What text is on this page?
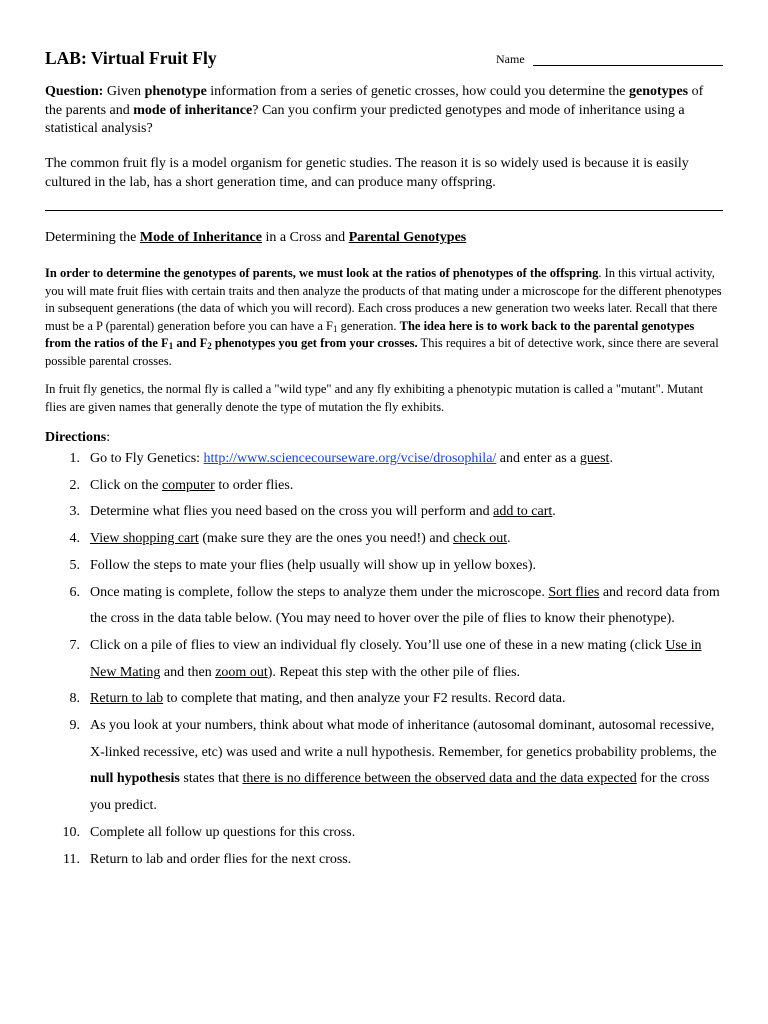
LAB: Virtual Fruit Fly	Name
Question: Given phenotype information from a series of genetic crosses, how could you determine the genotypes of the parents and mode of inheritance? Can you confirm your predicted genotypes and mode of inheritance using a statistical analysis?
The common fruit fly is a model organism for genetic studies. The reason it is so widely used is because it is easily cultured in the lab, has a short generation time, and can produce many offspring.
Determining the Mode of Inheritance in a Cross and Parental Genotypes
In order to determine the genotypes of parents, we must look at the ratios of phenotypes of the offspring. In this virtual activity, you will mate fruit flies with certain traits and then analyze the products of that mating under a microscope for the different phenotypes in subsequent generations (the data of which you will record). Each cross produces a new generation two weeks later. Recall that there must be a P (parental) generation before you can have a $F_1$ generation. The idea here is to work back to the parental genotypes from the ratios of the $F_1$ and $F_2$ phenotypes you get from your crosses. This requires a bit of detective work, since there are several possible parental crosses.
In fruit fly genetics, the normal fly is called a "wild type" and any fly exhibiting a phenotypic mutation is called a "mutant". Mutant flies are given names that generally denote the type of mutation the fly exhibits.
Directions:
1. Go to Fly Genetics: http://www.sciencecourseware.org/vcise/drosophila/ and enter as a guest.
2. Click on the computer to order flies.
3. Determine what flies you need based on the cross you will perform and add to cart.
4. View shopping cart (make sure they are the ones you need!) and check out.
5. Follow the steps to mate your flies (help usually will show up in yellow boxes).
6. Once mating is complete, follow the steps to analyze them under the microscope. Sort flies and record data from the cross in the data table below. (You may need to hover over the pile of flies to know their phenotype).
7. Click on a pile of flies to view an individual fly closely. You’ll use one of these in a new mating (click Use in New Mating and then zoom out). Repeat this step with the other pile of flies.
8. Return to lab to complete that mating, and then analyze your F2 results. Record data.
9. As you look at your numbers, think about what mode of inheritance (autosomal dominant, autosomal recessive, X-linked recessive, etc) was used and write a null hypothesis. Remember, for genetics probability problems, the null hypothesis states that there is no difference between the observed data and the data expected for the cross you predict.
10. Complete all follow up questions for this cross.
11. Return to lab and order flies for the next cross.
